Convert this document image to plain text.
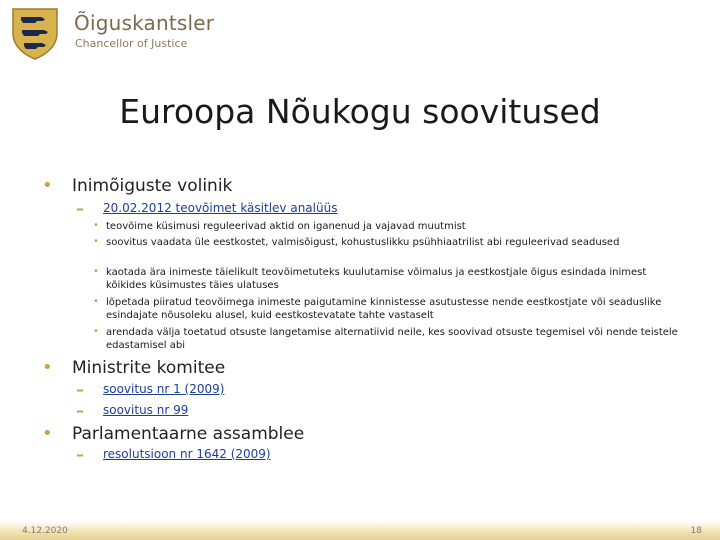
Õiguskantsler
Chancellor of Justice
Euroopa Nõukogu soovitused
• Inimõiguste volinik
– 20.02.2012 teovõimet käsitlev analüüs
• teovõime küsimusi reguleerivad aktid on iganenud ja vajavad muutmist
• soovitus vaadata üle eestkostet, valmisõigust, kohustuslikku psühhiaatrilist abi reguleerivad seadused
• kaotada ära inimeste täielikult teovõimetuteks kuulutamise võimalus ja eestkostjale õigus esindada inimest kõikides küsimustes täies ulatuses
• lõpetada piiratud teovõimega inimeste paigutamine kinnistesse asutustesse nende eestkostjate või seaduslike esindajate nõusoleku alusel, kuid eestkostevatate tahte vastaselt
• arendada välja toetatud otsuste langetamise alternatiivid neile, kes soovivad otsuste tegemisel või nende teistele edastamisel abi
• Ministrite komitee
– soovitus nr 1 (2009)
– soovitus nr 99
• Parlamentaarne assamblee
– resolutsioon nr 1642 (2009)
4.12.2020	18
